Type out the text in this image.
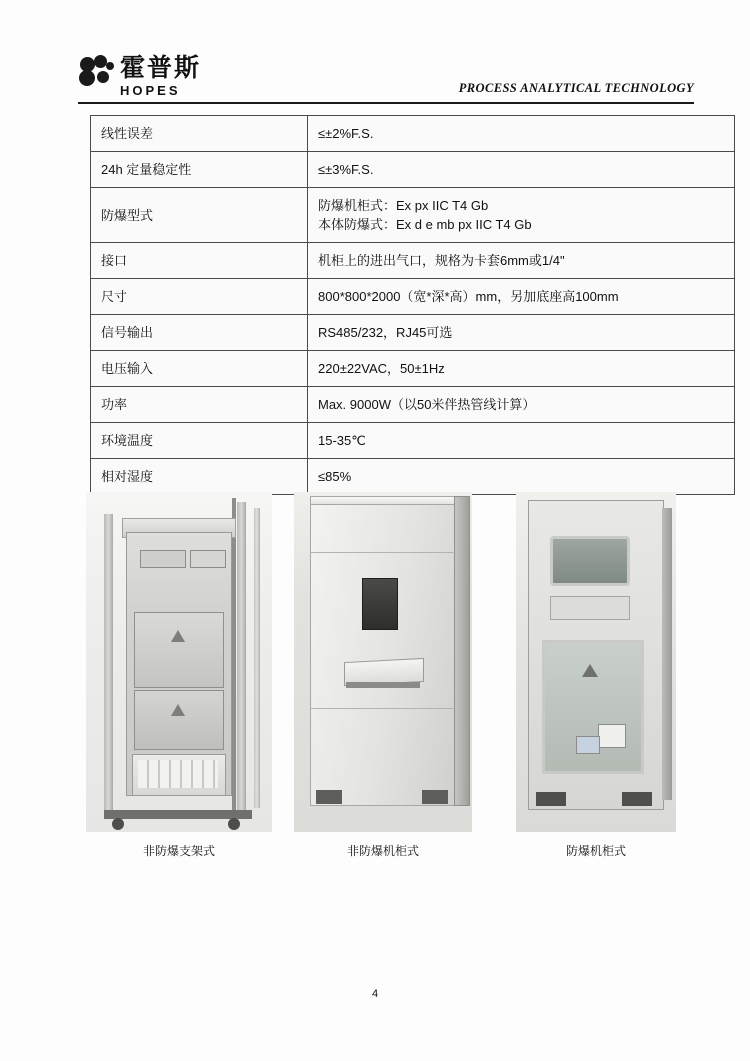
霍普斯
HOPES	PROCESS ANALYTICAL TECHNOLOGY
线性误差	≤±2%F.S.

24h 定量稳定性	≤±3%F.S.

防爆型式	防爆机柜式：Ex px IIC T4 Gb
本体防爆式：Ex d e mb px IIC T4 Gb

接口	机柜上的进出气口，规格为卡套6mm或1/4"

尺寸	800*800*2000（宽*深*高）mm，另加底座高100mm

信号输出	RS485/232，RJ45可选

电压输入	220±22VAC，50±1Hz

功率	Max. 9000W（以50米伴热管线计算）

环境温度	15-35℃

相对湿度	≤85%
非防爆支架式	非防爆机柜式	防爆机柜式
4
